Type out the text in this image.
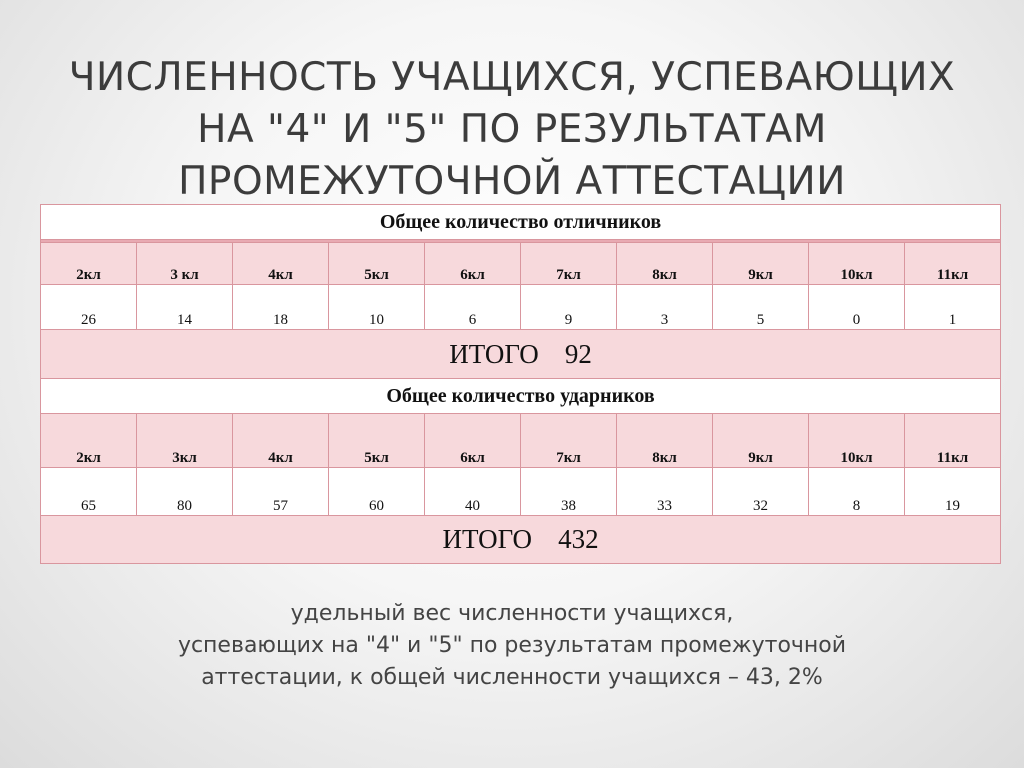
ЧИСЛЕННОСТЬ УЧАЩИХСЯ, УСПЕВАЮЩИХ
НА "4" И "5" ПО РЕЗУЛЬТАТАМ
ПРОМЕЖУТОЧНОЙ АТТЕСТАЦИИ
Общее количество отличников									

2кл	3 кл	4кл	5кл	6кл	7кл	8кл	9кл	10кл	11кл
26	14	18	10	6	9	3	5	0	1
ИТОГО 92									
Общее количество ударников									
2кл	3кл	4кл	5кл	6кл	7кл	8кл	9кл	10кл	11кл
65	80	57	60	40	38	33	32	8	19
ИТОГО 432									

удельный вес численности учащихся,
успевающих на "4" и "5" по результатам промежуточной
аттестации, к общей численности учащихся – 43, 2%
